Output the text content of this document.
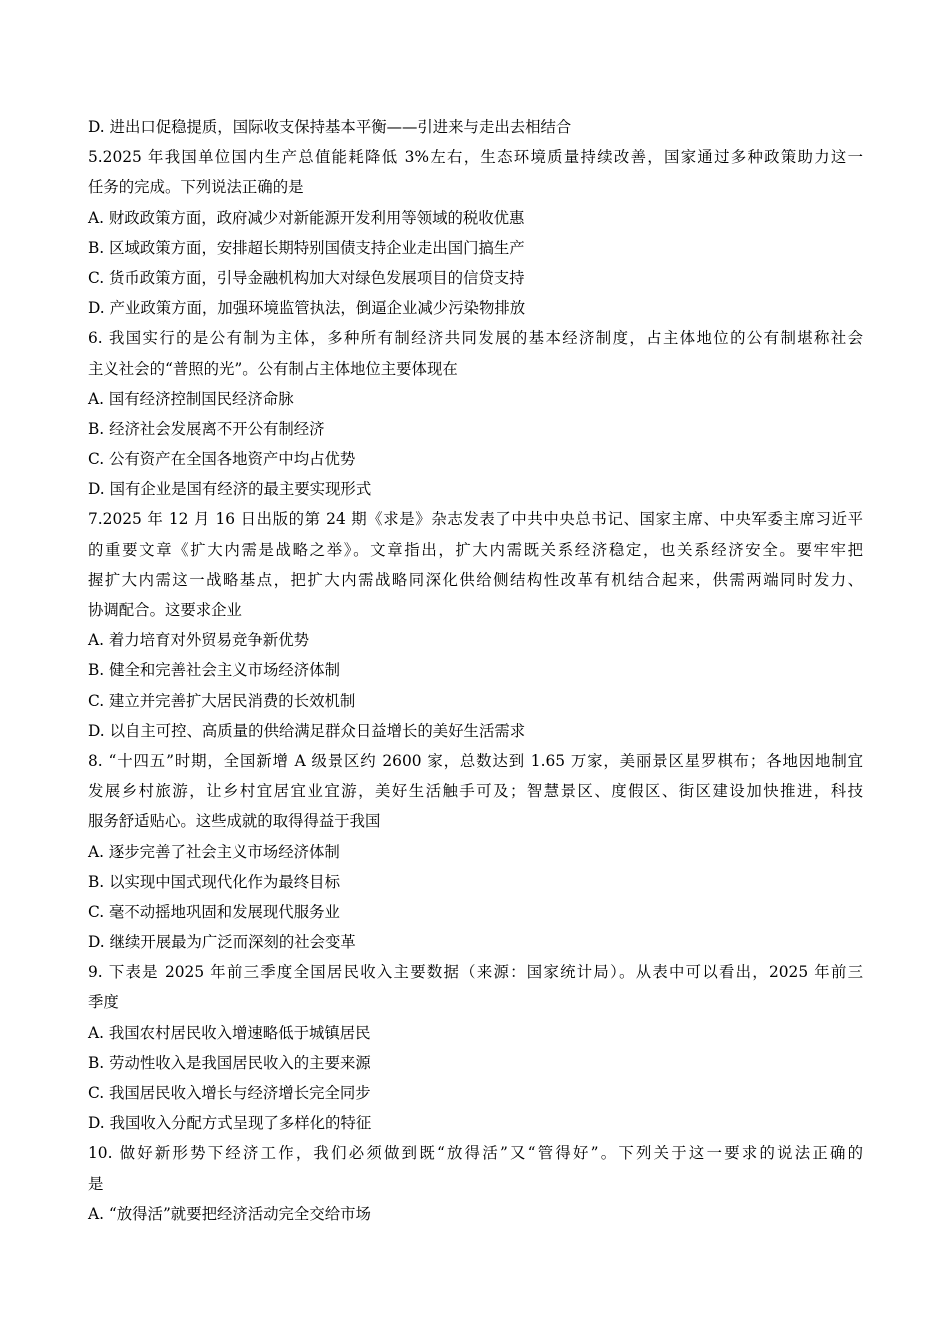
D. 进出口促稳提质，国际收支保持基本平衡——引进来与走出去相结合
5.2025 年我国单位国内生产总值能耗降低 3%左右，生态环境质量持续改善，国家通过多种政策助力这一
任务的完成。下列说法正确的是
A. 财政政策方面，政府减少对新能源开发利用等领域的税收优惠
B. 区域政策方面，安排超长期特别国债支持企业走出国门搞生产
C. 货币政策方面，引导金融机构加大对绿色发展项目的信贷支持
D. 产业政策方面，加强环境监管执法，倒逼企业减少污染物排放
6. 我国实行的是公有制为主体，多种所有制经济共同发展的基本经济制度，占主体地位的公有制堪称社会
主义社会的“普照的光”。公有制占主体地位主要体现在
A. 国有经济控制国民经济命脉
B. 经济社会发展离不开公有制经济
C. 公有资产在全国各地资产中均占优势
D. 国有企业是国有经济的最主要实现形式
7.2025 年 12 月 16 日出版的第 24 期《求是》杂志发表了中共中央总书记、国家主席、中央军委主席习近平
的重要文章《扩大内需是战略之举》。文章指出，扩大内需既关系经济稳定，也关系经济安全。要牢牢把
握扩大内需这一战略基点，把扩大内需战略同深化供给侧结构性改革有机结合起来，供需两端同时发力、
协调配合。这要求企业
A. 着力培育对外贸易竞争新优势
B. 健全和完善社会主义市场经济体制
C. 建立并完善扩大居民消费的长效机制
D. 以自主可控、高质量的供给满足群众日益增长的美好生活需求
8. “十四五”时期，全国新增 A 级景区约 2600 家，总数达到 1.65 万家，美丽景区星罗棋布；各地因地制宜
发展乡村旅游，让乡村宜居宜业宜游，美好生活触手可及；智慧景区、度假区、街区建设加快推进，科技
服务舒适贴心。这些成就的取得得益于我国
A. 逐步完善了社会主义市场经济体制
B. 以实现中国式现代化作为最终目标
C. 毫不动摇地巩固和发展现代服务业
D. 继续开展最为广泛而深刻的社会变革
9. 下表是 2025 年前三季度全国居民收入主要数据（来源：国家统计局）。从表中可以看出，2025 年前三
季度
A. 我国农村居民收入增速略低于城镇居民
B. 劳动性收入是我国居民收入的主要来源
C. 我国居民收入增长与经济增长完全同步
D. 我国收入分配方式呈现了多样化的特征
10. 做好新形势下经济工作，我们必须做到既“放得活”又“管得好”。下列关于这一要求的说法正确的
是
A. “放得活”就要把经济活动完全交给市场
